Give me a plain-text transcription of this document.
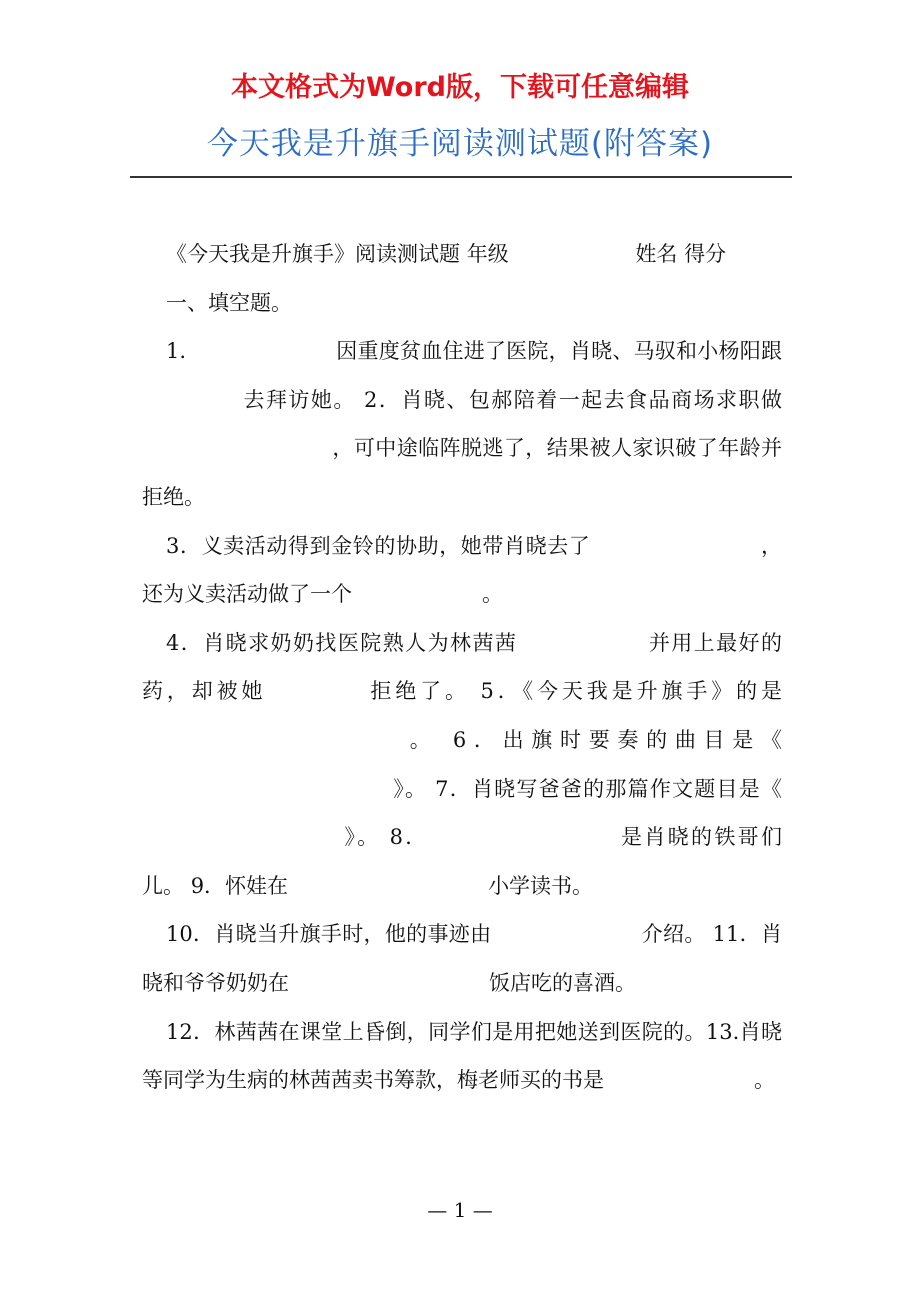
本文格式为Word版，下载可任意编辑
今天我是升旗手阅读测试题(附答案)

《今天我是升旗手》阅读测试题 年级	姓名 得分

一、填空题。

1.	因重度贫血住进了医院，肖晓、马驭和小杨阳跟去拜访她。 2．肖晓、包郝陪着一起去食品商场求职做，可中途临阵脱逃了，结果被人家识破了年龄并拒绝。

3．义卖活动得到金铃的协助，她带肖晓去了	，还为义卖活动做了一个	。

4．肖晓求奶奶找医院熟人为林茜茜	并用上最好的药，却被她	拒绝了。 5．《今天我是升旗手》的是。 6．出旗时要奏的曲目是《》。 7．肖晓写爸爸的那篇作文题目是《》。 8．	是肖晓的铁哥们儿。 9．怀娃在	小学读书。

10．肖晓当升旗手时，他的事迹由	介绍。 11．肖晓和爷爷奶奶在	饭店吃的喜酒。

12．林茜茜在课堂上昏倒，同学们是用把她送到医院的。13.肖晓等同学为生病的林茜茜卖书筹款，梅老师买的书是	。

— 1 —
